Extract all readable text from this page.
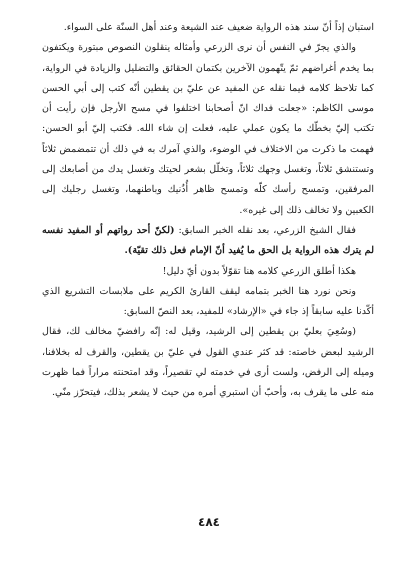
استبان إذاً أنّ سند هذه الرواية ضعيف عند الشيعة وعند أهل السنّة على السواء.

والذي يجرّ في النفس أن نرى الزرعي وأمثاله ينقلون النصوص مبتورة ويكتفون بما يخدم أغراضهم ثمّ يتّهمون الآخرين بكتمان الحقائق والتضليل والزيادة في الرواية، كما تلاحظ كلامه فيما نقله عن المفيد عن عليّ بن يقطين أنّه كتب إلى أبي الحسن موسى الكاظم: «جعلت فداك انّ أصحابنا اختلفوا في مسح الأرجل فإن رأيت أن تكتب إليّ بخطّك ما يكون عملي عليه، فعلت إن شاء الله. فكتب إليّ أبو الحسن: فهمت ما ذكرت من الاختلاف في الوضوء، والذي آمرك به في ذلك أن تتمضمض ثلاثاً وتستنشق ثلاثاً، وتغسل وجهك ثلاثاً، وتخلّل بشعر لحيتك وتغسل يدك من أصابعك إلى المرفقين، وتمسح رأسك كلّه وتمسح ظاهر أُذُنيك وباطنهما، وتغسل رجليك إلى الكعبين ولا تخالف ذلك إلى غيره».

فقال الشيخ الزرعي، بعد نقله الخبر السابق: (لكنّ أحد رواتهم أو المفيد نفسه لم يترك هذه الرواية بل الحق ما يُفيد أنّ الإمام فعل ذلك تقيّة).

هكذا أطلق الزرعي كلامه هنا تقوّلاً بدون أيّ دليل!

ونحن نورد هنا الخبر بتمامه ليقف القارئ الكريم على ملابسات التشريع الذي أكّدنا عليه سابقاً إذ جاء في «الإرشاد» للمفيد، بعد النصّ السابق:

(وسُعِيَ بعليّ بن يقطين إلى الرشيد، وقيل له: إنّه رافضيّ مخالف لك، فقال الرشيد لبعض خاصته: قد كثر عندي القول في عليّ بن يقطين، والقرف له بخلافنا، وميله إلى الرفض، ولست أرى في خدمته لي تقصيراً، وقد امتحنته مراراً فما ظهرت منه على ما يقرف به، وأحبّ أن استبري أمره من حيث لا يشعر بذلك، فيتحرّز منّي.

٤٨٤
